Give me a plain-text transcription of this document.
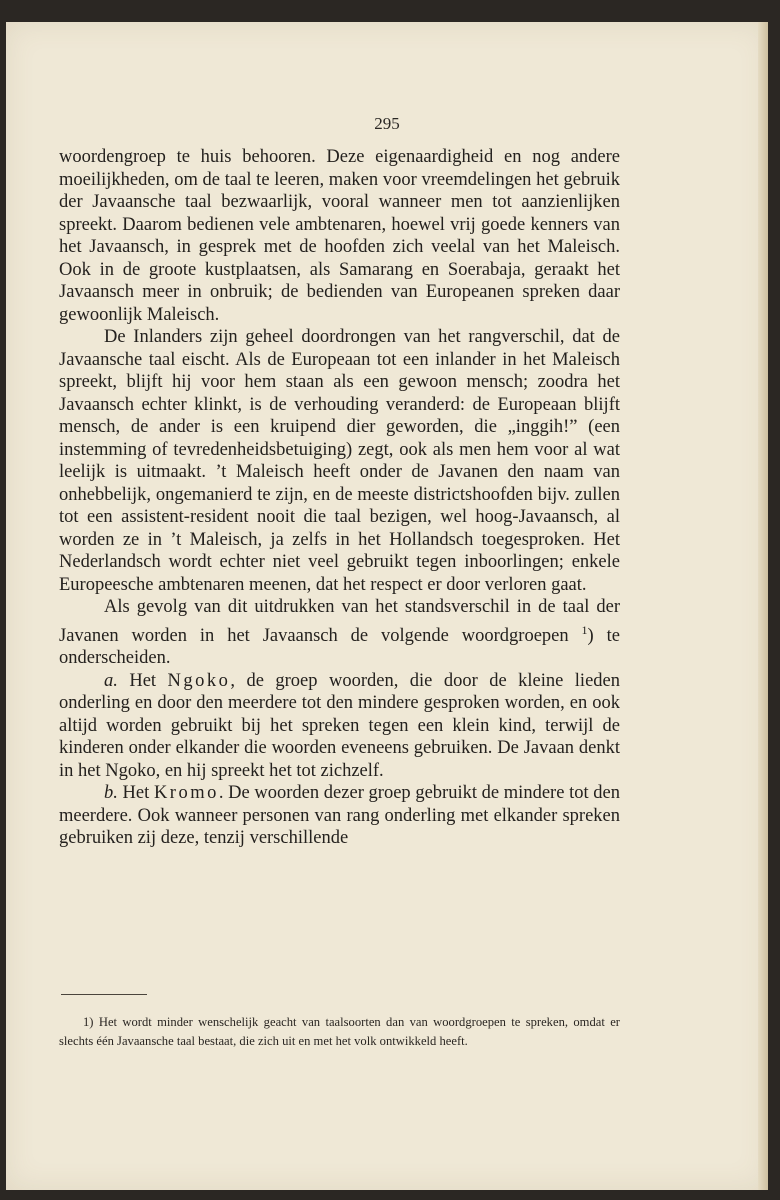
295

woordengroep te huis behooren. Deze eigenaardigheid en nog andere moeilijkheden, om de taal te leeren, maken voor vreemdelingen het gebruik der Javaansche taal bezwaarlijk, vooral wanneer men tot aanzienlijken spreekt. Daarom bedienen vele ambtenaren, hoewel vrij goede kenners van het Javaansch, in gesprek met de hoofden zich veelal van het Maleisch. Ook in de groote kustplaatsen, als Samarang en Soerabaja, geraakt het Javaansch meer in onbruik; de bedienden van Europeanen spreken daar gewoonlijk Maleisch.

De Inlanders zijn geheel doordrongen van het rangverschil, dat de Javaansche taal eischt. Als de Europeaan tot een inlander in het Maleisch spreekt, blijft hij voor hem staan als een gewoon mensch; zoodra het Javaansch echter klinkt, is de verhouding veranderd: de Europeaan blijft mensch, de ander is een kruipend dier geworden, die „inggih!” (een instemming of tevredenheidsbetuiging) zegt, ook als men hem voor al wat leelijk is uitmaakt. ’t Maleisch heeft onder de Javanen den naam van onhebbelijk, ongemanierd te zijn, en de meeste districtshoofden bijv. zullen tot een assistent-resident nooit die taal bezigen, wel hoog-Javaansch, al worden ze in ’t Maleisch, ja zelfs in het Hollandsch toegesproken. Het Nederlandsch wordt echter niet veel gebruikt tegen inboorlingen; enkele Europeesche ambtenaren meenen, dat het respect er door verloren gaat.

Als gevolg van dit uitdrukken van het standsverschil in de taal der Javanen worden in het Javaansch de volgende woordgroepen $^1$) te onderscheiden.

a. Het Ngoko, de groep woorden, die door de kleine lieden onderling en door den meerdere tot den mindere gesproken worden, en ook altijd worden gebruikt bij het spreken tegen een klein kind, terwijl de kinderen onder elkander die woorden eveneens gebruiken. De Javaan denkt in het Ngoko, en hij spreekt het tot zichzelf.

b. Het Kromo. De woorden dezer groep gebruikt de mindere tot den meerdere. Ook wanneer personen van rang onderling met elkander spreken gebruiken zij deze, tenzij verschillende

1) Het wordt minder wenschelijk geacht van taalsoorten dan van woordgroepen te spreken, omdat er slechts één Javaansche taal bestaat, die zich uit en met het volk ontwikkeld heeft.
